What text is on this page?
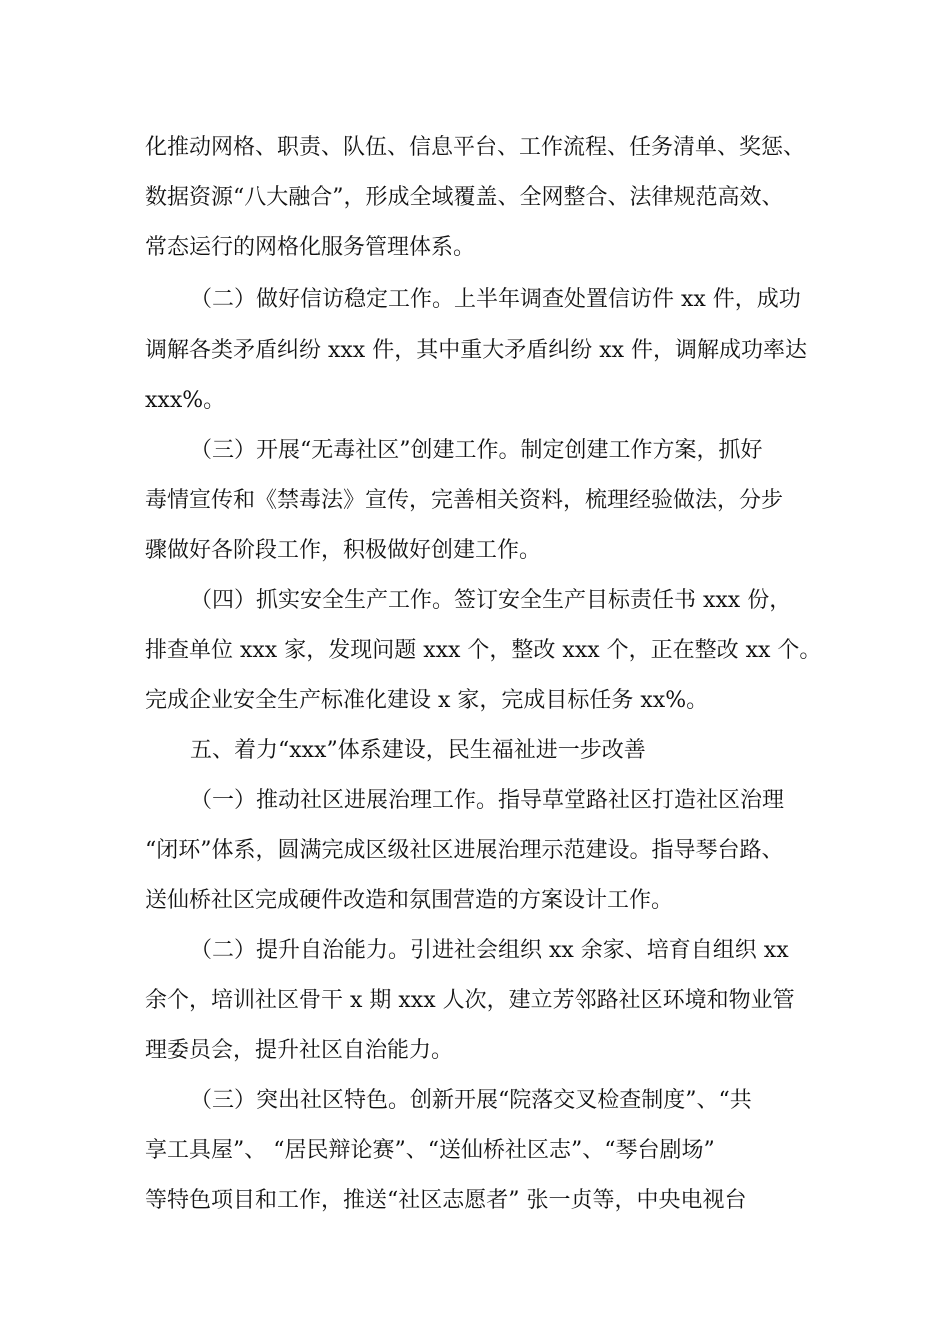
化推动网格、职责、队伍、信息平台、工作流程、任务清单、奖惩、
数据资源“八大融合”，形成全域覆盖、全网整合、法律规范高效、
常态运行的网格化服务管理体系。
（二）做好信访稳定工作。上半年调查处置信访件 xx 件，成功
调解各类矛盾纠纷 xxx 件，其中重大矛盾纠纷 xx 件，调解成功率达
xxx%。
（三）开展“无毒社区”创建工作。制定创建工作方案，抓好
毒情宣传和《禁毒法》宣传，完善相关资料，梳理经验做法，分步
骤做好各阶段工作，积极做好创建工作。
（四）抓实安全生产工作。签订安全生产目标责任书 xxx 份，
排查单位 xxx 家，发现问题 xxx 个，整改 xxx 个，正在整改 xx 个。
完成企业安全生产标准化建设 x 家，完成目标任务 xx%。
五、着力“xxx”体系建设，民生福祉进一步改善
（一）推动社区进展治理工作。指导草堂路社区打造社区治理
“闭环”体系，圆满完成区级社区进展治理示范建设。指导琴台路、
送仙桥社区完成硬件改造和氛围营造的方案设计工作。
（二）提升自治能力。引进社会组织 xx 余家、培育自组织 xx
余个，培训社区骨干 x 期 xxx 人次，建立芳邻路社区环境和物业管
理委员会，提升社区自治能力。
（三）突出社区特色。创新开展“院落交叉检查制度”、“共
享工具屋”、 “居民辩论赛”、“送仙桥社区志”、“琴台剧场”
等特色项目和工作，推送“社区志愿者” 张一贞等，中央电视台
